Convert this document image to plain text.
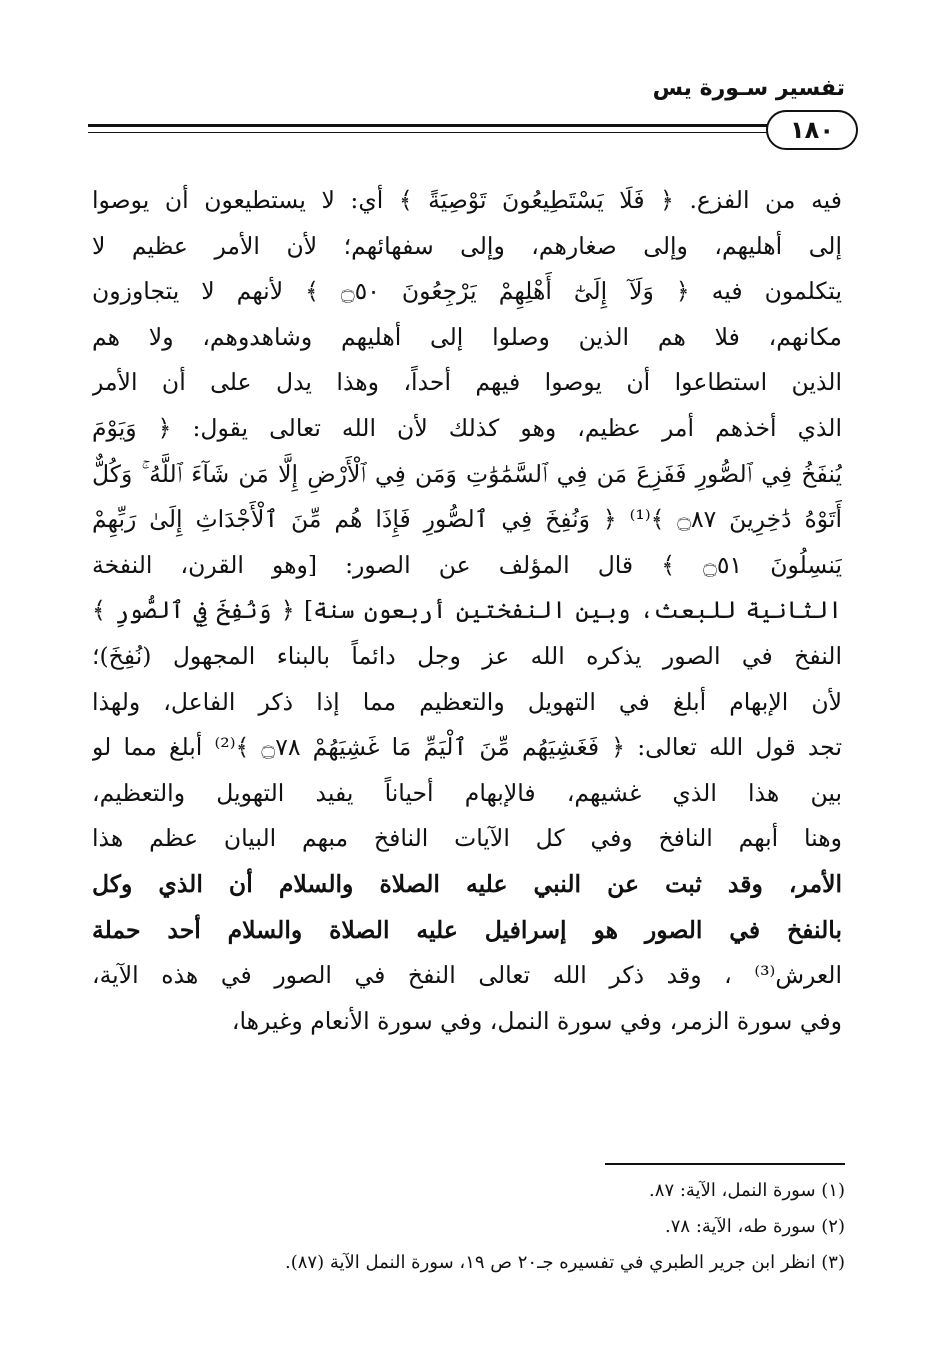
تفسير سـورة يس
١٨٠
فيه من الفزع. ﴿ فَلَا يَسْتَطِيعُونَ تَوْصِيَةً ﴾ أي: لا يستطيعون أن يوصوا
إلى أهليهم، وإلى صغارهم، وإلى سفهائهم؛ لأن الأمر عظيم لا
يتكلمون فيه ﴿ وَلَآ إِلَىٰٓ أَهْلِهِمْ يَرْجِعُونَ ۝٥٠ ﴾ لأنهم لا يتجاوزون
مكانهم، فلا هم الذين وصلوا إلى أهليهم وشاهدوهم، ولا هم
الذين استطاعوا أن يوصوا فيهم أحداً، وهذا يدل على أن الأمر
الذي أخذهم أمر عظيم، وهو كذلك لأن الله تعالى يقول: ﴿ وَيَوْمَ
يُنفَخُ فِي ٱلصُّورِ فَفَزِعَ مَن فِي ٱلسَّمَٰوَٰتِ وَمَن فِي ٱلْأَرْضِ إِلَّا مَن شَآءَ ٱللَّهُ ۚ وَكُلٌّ
أَتَوْهُ دَٰخِرِينَ ۝٨٧ ﴾⁽¹⁾ ﴿ وَنُفِخَ فِي ٱلصُّورِ فَإِذَا هُم مِّنَ ٱلْأَجْدَاثِ إِلَىٰ رَبِّهِمْ
يَنسِلُونَ ۝٥١ ﴾ قال المؤلف عن الصور: [وهو القرن، النفخة
الثانية للبعث، وبين النفختين أربعون سنة] ﴿ وَنُفِخَ فِي ٱلصُّورِ ﴾
النفخ في الصور يذكره الله عز وجل دائماً بالبناء المجهول (نُفِخَ)؛
لأن الإبهام أبلغ في التهويل والتعظيم مما إذا ذكر الفاعل، ولهذا
تجد قول الله تعالى: ﴿ فَغَشِيَهُم مِّنَ ٱلْيَمِّ مَا غَشِيَهُمْ ۝٧٨ ﴾⁽²⁾ أبلغ مما لو
بين هذا الذي غشيهم، فالإبهام أحياناً يفيد التهويل والتعظيم،
وهنا أبهم النافخ وفي كل الآيات النافخ مبهم البيان عظم هذا
الأمر، وقد ثبت عن النبي عليه الصلاة والسلام أن الذي وكل
بالنفخ في الصور هو إسرافيل عليه الصلاة والسلام أحد حملة
العرش⁽³⁾ ، وقد ذكر الله تعالى النفخ في الصور في هذه الآية،
وفي سورة الزمر، وفي سورة النمل، وفي سورة الأنعام وغيرها،
(١) سورة النمل، الآية: ٨٧.
(٢) سورة طه، الآية: ٧٨.
(٣) انظر ابن جرير الطبري في تفسيره جـ٢٠ ص ١٩، سورة النمل الآية (٨٧).
